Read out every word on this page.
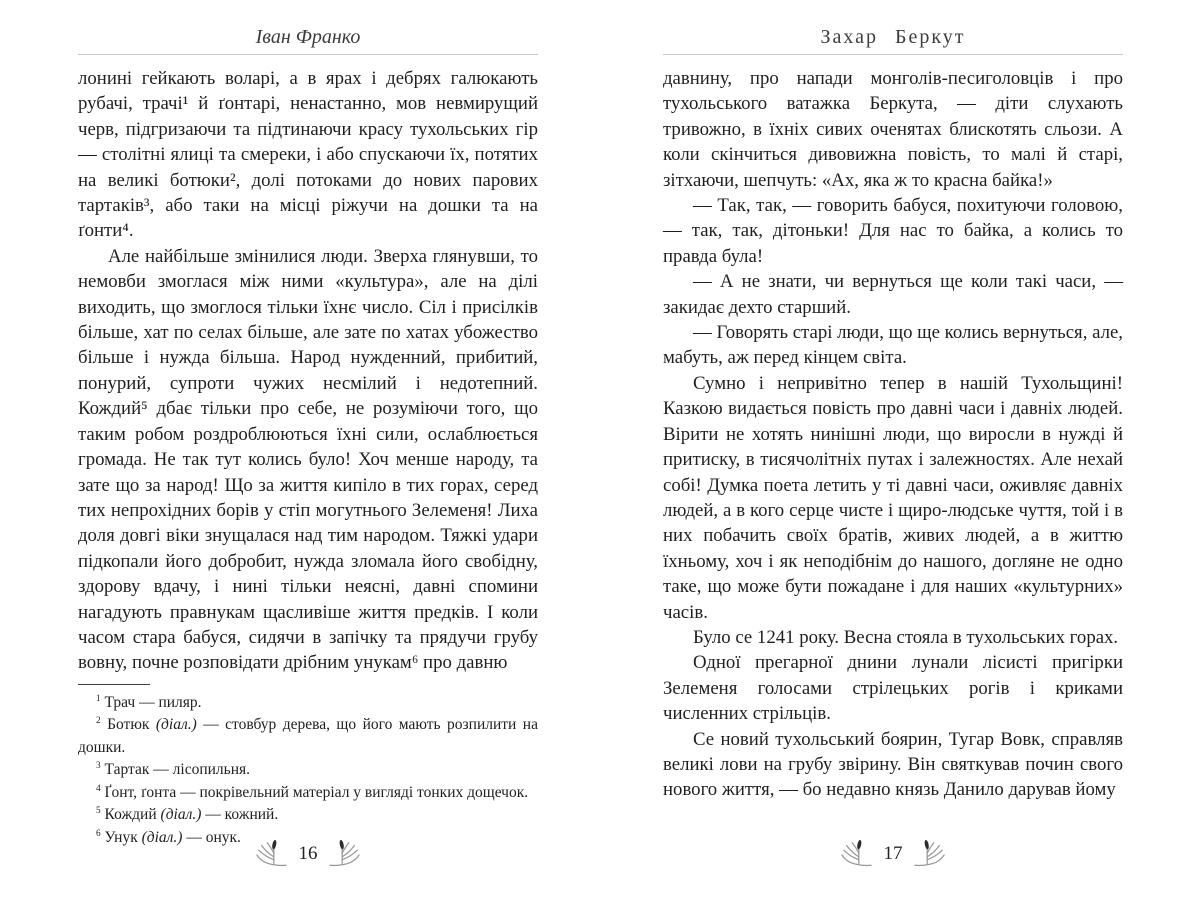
Іван Франко

лонині гейкають воларі, а в ярах і дебрях галюкають рубачі, трачі¹ й ґонтарі, ненастанно, мов невмирущий черв, підгризаючи та підтинаючи красу тухольських гір — столітні ялиці та смереки, і або спускаючи їх, потятих на великі ботюки², долі потоками до нових парових тартаків³, або таки на місці ріжучи на дошки та на ґонти⁴.

Але найбільше змінилися люди. Зверха глянувши, то немовби змоглася між ними «культура», але на ділі виходить, що змоглося тільки їхнє число. Сіл і присілків більше, хат по селах більше, але зате по хатах убожество більше і нужда більша. Народ нужденний, прибитий, понурий, супроти чужих несмілий і недотепний. Кождий⁵ дбає тільки про себе, не розуміючи того, що таким робом роздроблюються їхні сили, ослаблюється громада. Не так тут колись було! Хоч менше народу, та зате що за народ! Що за життя кипіло в тих горах, серед тих непрохідних борів у стіп могутнього Зелеменя! Лиха доля довгі віки знущалася над тим народом. Тяжкі удари підкопали його добробит, нужда зломала його свобідну, здорову вдачу, і нині тільки неясні, давні спомини нагадують правнукам щасливіше життя предків. І коли часом стара бабуся, сидячи в запічку та прядучи грубу вовну, почне розповідати дрібним унукам⁶ про давню

$^1$ Трач — пиляр.

$^2$ Ботюк (діал.) — стовбур дерева, що його мають розпилити на дошки.

$^3$ Тартак — лісопильня.

$^4$ Ґонт, ґонта — покрівельний матеріал у вигляді тонких дощечок.

$^5$ Кождий (діал.) — кожний.

$^6$ Унук (діал.) — онук.

16
Захар Беркут

давнину, про напади монголів-песиголовців і про тухольського ватажка Беркута, — діти слухають тривожно, в їхніх сивих оченятах блискотять сльози. А коли скінчиться дивовижна повість, то малі й старі, зітхаючи, шепчуть: «Ах, яка ж то красна байка!»

— Так, так, — говорить бабуся, похитуючи головою, — так, так, дітоньки! Для нас то байка, а колись то правда була!

— А не знати, чи вернуться ще коли такі часи, — закидає дехто старший.

— Говорять старі люди, що ще колись вернуться, але, мабуть, аж перед кінцем світа.

Сумно і непривітно тепер в нашій Тухольщині! Казкою видається повість про давні часи і давніх людей. Вірити не хотять нинішні люди, що виросли в нужді й притиску, в тисячолітніх путах і залежностях. Але нехай собі! Думка поета летить у ті давні часи, оживляє давніх людей, а в кого серце чисте і щиро-людське чуття, той і в них побачить своїх братів, живих людей, а в життю їхньому, хоч і як неподібнім до нашого, догляне не одно таке, що може бути пожадане і для наших «культурних» часів.

Було се 1241 року. Весна стояла в тухольських горах.

Одної прегарної днини лунали лісисті пригірки Зелеменя голосами стрілецьких рогів і криками численних стрільців.

Се новий тухольський боярин, Тугар Вовк, справляв великі лови на грубу звірину. Він святкував почин свого нового життя, — бо недавно князь Данило дарував йому

17
